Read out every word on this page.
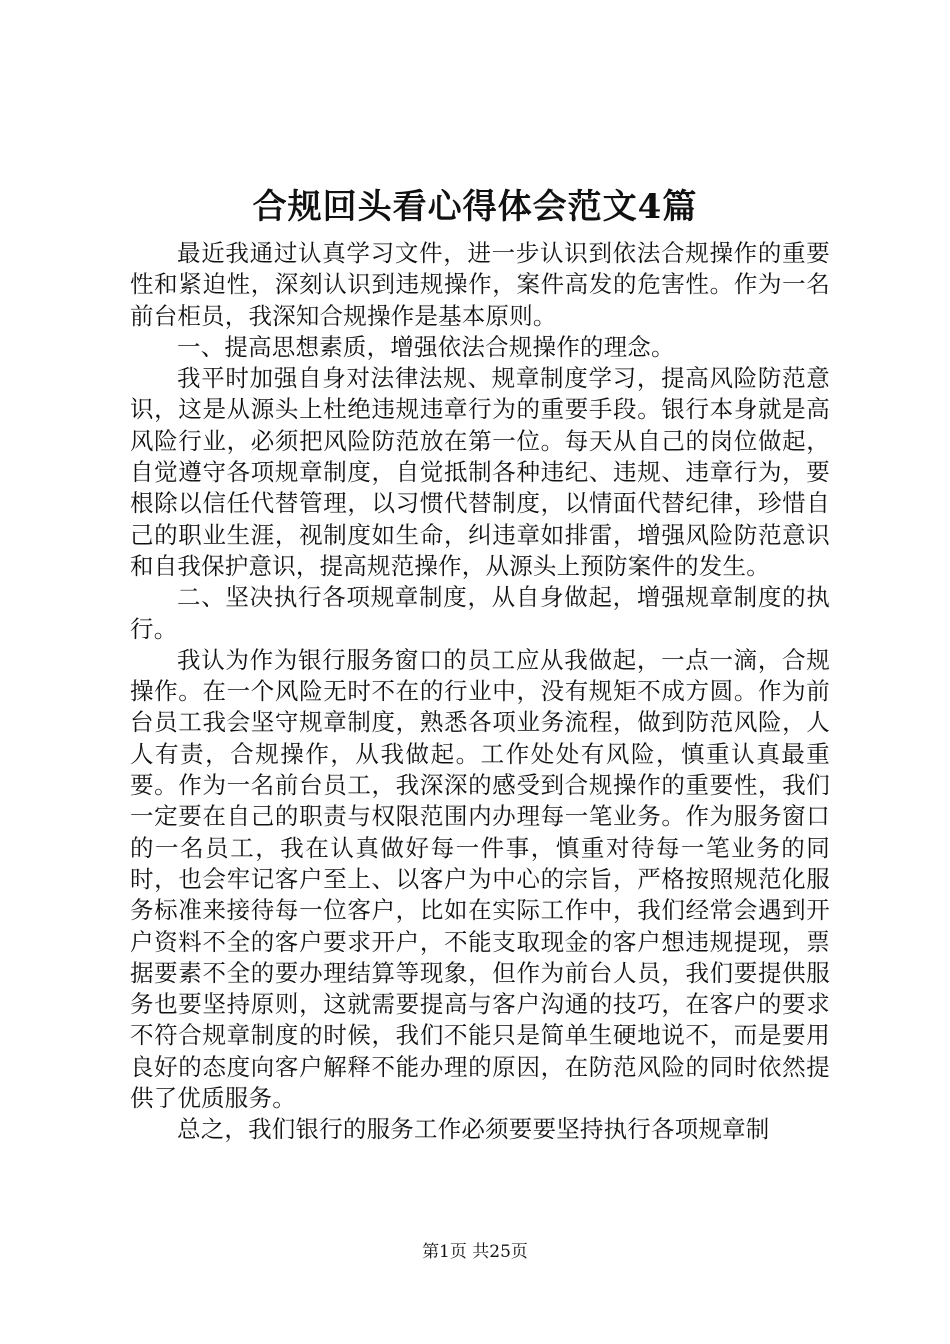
合规回头看心得体会范文4篇

最近我通过认真学习文件，进一步认识到依法合规操作的重要性和紧迫性，深刻认识到违规操作，案件高发的危害性。作为一名前台柜员，我深知合规操作是基本原则。

一、提高思想素质，增强依法合规操作的理念。

我平时加强自身对法律法规、规章制度学习，提高风险防范意识，这是从源头上杜绝违规违章行为的重要手段。银行本身就是高风险行业，必须把风险防范放在第一位。每天从自己的岗位做起，自觉遵守各项规章制度，自觉抵制各种违纪、违规、违章行为，要根除以信任代替管理，以习惯代替制度，以情面代替纪律，珍惜自己的职业生涯，视制度如生命，纠违章如排雷，增强风险防范意识和自我保护意识，提高规范操作，从源头上预防案件的发生。

二、坚决执行各项规章制度，从自身做起，增强规章制度的执行。

我认为作为银行服务窗口的员工应从我做起，一点一滴，合规操作。在一个风险无时不在的行业中，没有规矩不成方圆。作为前台员工我会坚守规章制度，熟悉各项业务流程，做到防范风险，人人有责，合规操作，从我做起。工作处处有风险，慎重认真最重要。作为一名前台员工，我深深的感受到合规操作的重要性，我们一定要在自己的职责与权限范围内办理每一笔业务。作为服务窗口的一名员工，我在认真做好每一件事，慎重对待每一笔业务的同时，也会牢记客户至上、以客户为中心的宗旨，严格按照规范化服务标准来接待每一位客户，比如在实际工作中，我们经常会遇到开户资料不全的客户要求开户，不能支取现金的客户想违规提现，票据要素不全的要办理结算等现象，但作为前台人员，我们要提供服务也要坚持原则，这就需要提高与客户沟通的技巧，在客户的要求不符合规章制度的时候，我们不能只是简单生硬地说不，而是要用良好的态度向客户解释不能办理的原因，在防范风险的同时依然提供了优质服务。

总之，我们银行的服务工作必须要要坚持执行各项规章制

第1页 共25页
